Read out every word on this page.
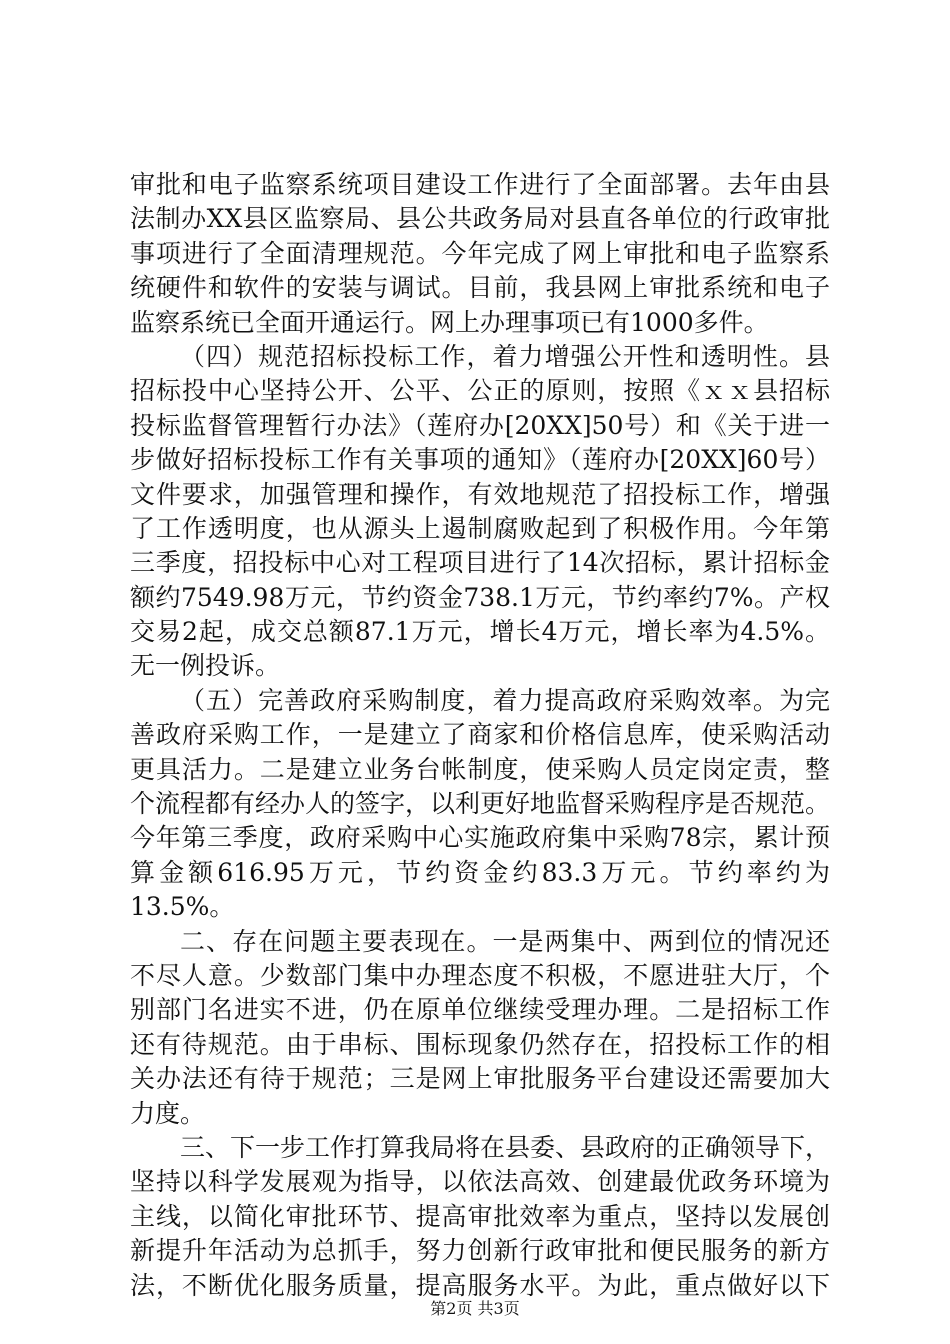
审批和电子监察系统项目建设工作进行了全面部署。去年由县
法制办XX县区监察局、县公共政务局对县直各单位的行政审批
事项进行了全面清理规范。今年完成了网上审批和电子监察系
统硬件和软件的安装与调试。目前，我县网上审批系统和电子
监察系统已全面开通运行。网上办理事项已有1000多件。
（四）规范招标投标工作，着力增强公开性和透明性。县
招标投中心坚持公开、公平、公正的原则，按照《ｘｘ县招标
投标监督管理暂行办法》（莲府办[20XX]50号）和《关于进一
步做好招标投标工作有关事项的通知》（莲府办[20XX]60号）
文件要求，加强管理和操作，有效地规范了招投标工作，增强
了工作透明度，也从源头上遏制腐败起到了积极作用。今年第
三季度，招投标中心对工程项目进行了14次招标，累计招标金
额约7549.98万元，节约资金738.1万元，节约率约7%。产权
交易2起，成交总额87.1万元，增长4万元，增长率为4.5%。
无一例投诉。
（五）完善政府采购制度，着力提高政府采购效率。为完
善政府采购工作，一是建立了商家和价格信息库，使采购活动
更具活力。二是建立业务台帐制度，使采购人员定岗定责，整
个流程都有经办人的签字，以利更好地监督采购程序是否规范。
今年第三季度，政府采购中心实施政府集中采购78宗，累计预
算金额616.95万元，节约资金约83.3万元。节约率约为
13.5%。
二、存在问题主要表现在。一是两集中、两到位的情况还
不尽人意。少数部门集中办理态度不积极，不愿进驻大厅，个
别部门名进实不进，仍在原单位继续受理办理。二是招标工作
还有待规范。由于串标、围标现象仍然存在，招投标工作的相
关办法还有待于规范；三是网上审批服务平台建设还需要加大
力度。
三、下一步工作打算我局将在县委、县政府的正确领导下，
坚持以科学发展观为指导，以依法高效、创建最优政务环境为
主线，以简化审批环节、提高审批效率为重点，坚持以发展创
新提升年活动为总抓手，努力创新行政审批和便民服务的新方
法，不断优化服务质量，提高服务水平。为此，重点做好以下
第2页 共3页
